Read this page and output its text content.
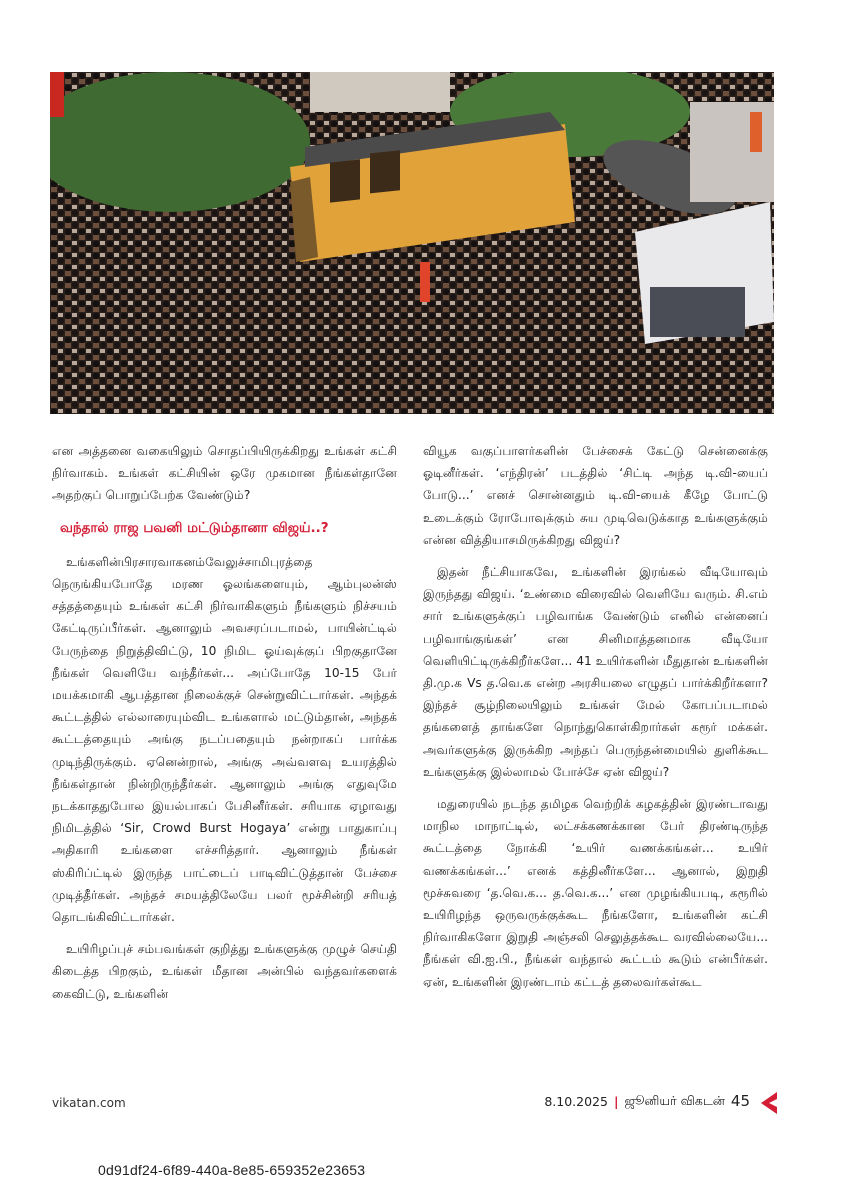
என அத்தனை வகையிலும் சொதப்பியிருக்கிறது உங்கள் கட்சி நிர்வாகம். உங்கள் கட்சியின் ஒரே முகமான நீங்கள்தானே அதற்குப் பொறுப்பேற்க வேண்டும்?

வந்தால் ராஜ பவனி மட்டும்தானா விஜய்..?

உங்களின்பிரசாரவாகனம்வேலுச்சாமிபுரத்தை நெருங்கியபோதே மரண ஓலங்களையும், ஆம்புலன்ஸ் சத்தத்தையும் உங்கள் கட்சி நிர்வாகிகளும் நீங்களும் நிச்சயம் கேட்டிருப்பீர்கள். ஆனாலும் அவசரப்படாமல், பாயின்ட்டில் பேருந்தை நிறுத்திவிட்டு, 10 நிமிட ஓய்வுக்குப் பிறகுதானே நீங்கள் வெளியே வந்தீர்கள்... அப்போதே 10-15 பேர் மயக்கமாகி ஆபத்தான நிலைக்குச் சென்றுவிட்டார்கள். அந்தக் கூட்டத்தில் எல்லாரையும்விட உங்களால் மட்டும்தான், அந்தக் கூட்டத்தையும் அங்கு நடப்பதையும் நன்றாகப் பார்க்க முடிந்திருக்கும். ஏனென்றால், அங்கு அவ்வளவு உயரத்தில் நீங்கள்தான் நின்றிருந்தீர்கள். ஆனாலும் அங்கு எதுவுமே நடக்காததுபோல இயல்பாகப் பேசினீர்கள். சரியாக ஏழாவது நிமிடத்தில் ‘Sir, Crowd Burst Hogaya’ என்று பாதுகாப்பு அதிகாரி உங்களை எச்சரித்தார். ஆனாலும் நீங்கள் ஸ்கிரிப்ட்டில் இருந்த பாட்டைப் பாடிவிட்டுத்தான் பேச்சை முடித்தீர்கள். அந்தச் சமயத்திலேயே பலர் மூச்சின்றி சரியத் தொடங்கிவிட்டார்கள்.

உயிரிழப்புச் சம்பவங்கள் குறித்து உங்களுக்கு முழுச் செய்தி கிடைத்த பிறகும், உங்கள் மீதான அன்பில் வந்தவர்களைக் கைவிட்டு, உங்களின்

வியூக வகுப்பாளர்களின் பேச்சைக் கேட்டு சென்னைக்கு ஓடினீர்கள். ‘எந்திரன்’ படத்தில் ‘சிட்டி அந்த டி.வி-யைப் போடு...’ எனச் சொன்னதும் டி.வி-யைக் கீழே போட்டு உடைக்கும் ரோபோவுக்கும் சுய முடிவெடுக்காத உங்களுக்கும் என்ன வித்தியாசமிருக்கிறது விஜய்?

இதன் நீட்சியாகவே, உங்களின் இரங்கல் வீடியோவும் இருந்தது விஜய். ‘உண்மை விரைவில் வெளியே வரும். சி.எம் சார் உங்களுக்குப் பழிவாங்க வேண்டும் எனில் என்னைப் பழிவாங்குங்கள்’ என சினிமாத்தனமாக வீடியோ வெளியிட்டிருக்கிறீர்களே... 41 உயிர்களின் மீதுதான் உங்களின் தி.மு.க Vs த.வெ.க என்ற அரசியலை எழுதப் பார்க்கிறீர்களா? இந்தச் சூழ்நிலையிலும் உங்கள் மேல் கோபப்படாமல் தங்களைத் தாங்களே நொந்துகொள்கிறார்கள் கரூர் மக்கள். அவர்களுக்கு இருக்கிற அந்தப் பெருந்தன்மையில் துளிக்கூட உங்களுக்கு இல்லாமல் போச்சே ஏன் விஜய்?

மதுரையில் நடந்த தமிழக வெற்றிக் கழகத்தின் இரண்டாவது மாநில மாநாட்டில், லட்சக்கணக்கான பேர் திரண்டிருந்த கூட்டத்தை நோக்கி ‘உயிர் வணக்கங்கள்... உயிர் வணக்கங்கள்...’ எனக் கத்தினீர்களே... ஆனால், இறுதி மூச்சுவரை ‘த.வெ.க... த.வெ.க...’ என முழங்கியபடி, கரூரில் உயிரிழந்த ஒருவருக்குக்கூட நீங்களோ, உங்களின் கட்சி நிர்வாகிகளோ இறுதி அஞ்சலி செலுத்தக்கூட வரவில்லையே... நீங்கள் வி.ஐ.பி., நீங்கள் வந்தால் கூட்டம் கூடும் என்பீர்கள். ஏன், உங்களின் இரண்டாம் கட்டத் தலைவர்கள்கூட

vikatan.com	8.10.2025 | ஜூனியர் விகடன் 45
0d91df24-6f89-440a-8e85-659352e23653
